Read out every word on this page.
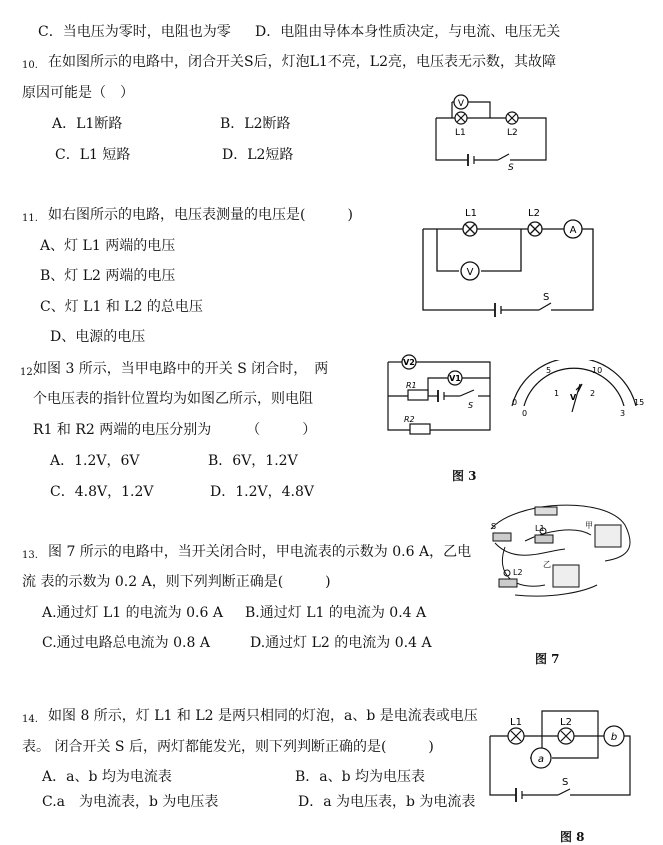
C．当电压为零时，电阻也为零 D．电阻由导体本身性质决定，与电流、电压无关
10. 在如图所示的电路中，闭合开关S后，灯泡L1不亮，L2亮，电压表无示数，其故障
原因可能是（　）
A．L1断路	B．L2断路
C．L1 短路	D．L2短路
V
L1	L2
S
11. 如右图所示的电路，电压表测量的电压是(　　　)
A、灯 L1 两端的电压
B、灯 L2 两端的电压
C、灯 L1 和 L2 的总电压
D、电源的电压
L1	L2
A
V
S
12.
如图 3 所示，当甲电路中的开关 S 闭合时，　两
个电压表的指针位置均为如图乙所示，则电阻
R1 和 R2 两端的电压分别为　　　（　　　）
A．1.2V，6V	B．6V，1.2V
C．4.8V，1.2V	D．1.2V，4.8V
V2
V1
R1
R2
S	0
5	10
15
0
1	2
3
V
图 3
13. 图 7 所示的电路中，当开关闭合时，甲电流表的示数为 0.6 A，乙电
流 表的示数为 0.2 A，则下列判断正确是(　　　)
A.通过灯 L1 的电流为 0.6 A B.通过灯 L1 的电流为 0.4 A
C.通过电路总电流为 0.8 A	D.通过灯 L2 的电流为 0.4 A
甲
乙
L1
L2
S
图 7
14. 如图 8 所示，灯 L1 和 L2 是两只相同的灯泡，a、b 是电流表或电压
表。 闭合开关 S 后，两灯都能发光，则下列判断正确的是(　　　)
A．a、b 均为电流表	B．a、b 均为电压表
C.a　为电流表，b 为电压表	D．a 为电压表，b 为电流表
L1	L2
a
b
S
图 8
